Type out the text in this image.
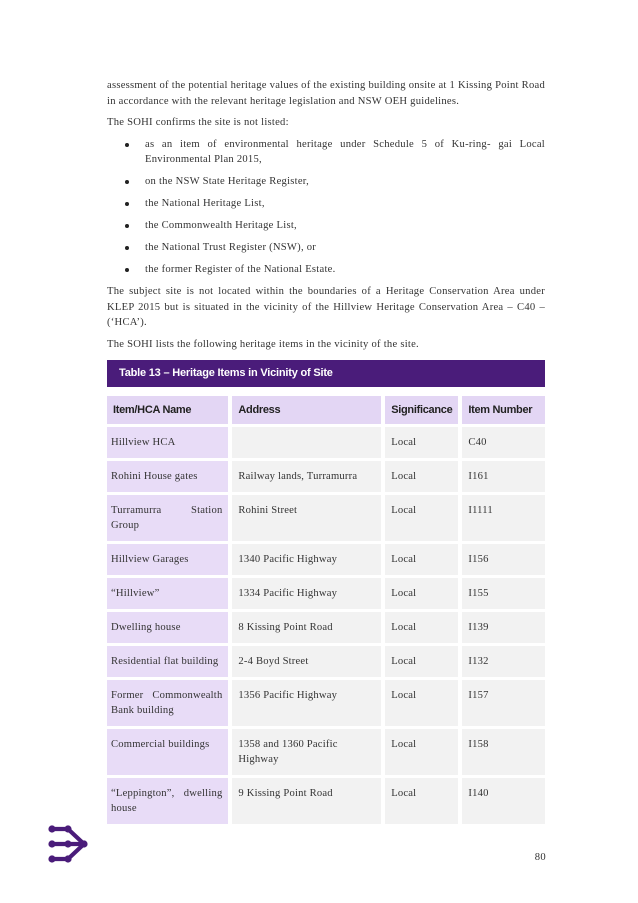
assessment of the potential heritage values of the existing building onsite at 1 Kissing Point Road in accordance with the relevant heritage legislation and NSW OEH guidelines.

The SOHI confirms the site is not listed:

as an item of environmental heritage under Schedule 5 of Ku-ring- gai Local Environmental Plan 2015,
on the NSW State Heritage Register,
the National Heritage List,
the Commonwealth Heritage List,
the National Trust Register (NSW), or
the former Register of the National Estate.

The subject site is not located within the boundaries of a Heritage Conservation Area under KLEP 2015 but is situated in the vicinity of the Hillview Heritage Conservation Area – C40 – (‘HCA’).

The SOHI lists the following heritage items in the vicinity of the site.

Table 13 – Heritage Items in Vicinity of Site
Item/HCA Name		Address		Significance		Item Number
Hillview HCA				Local		C40
Rohini House gates		Railway lands, Turramurra		Local		I161
Turramurra Station Group		Rohini Street		Local		I1111
Hillview Garages		1340 Pacific Highway		Local		I156
“Hillview”		1334 Pacific Highway		Local		I155
Dwelling house		8 Kissing Point Road		Local		I139
Residential flat building		2-4 Boyd Street		Local		I132
Former Commonwealth Bank building		1356 Pacific Highway		Local		I157
Commercial buildings		1358 and 1360 Pacific Highway		Local		I158
“Leppington”, dwelling house		9 Kissing Point Road		Local		I140
80
